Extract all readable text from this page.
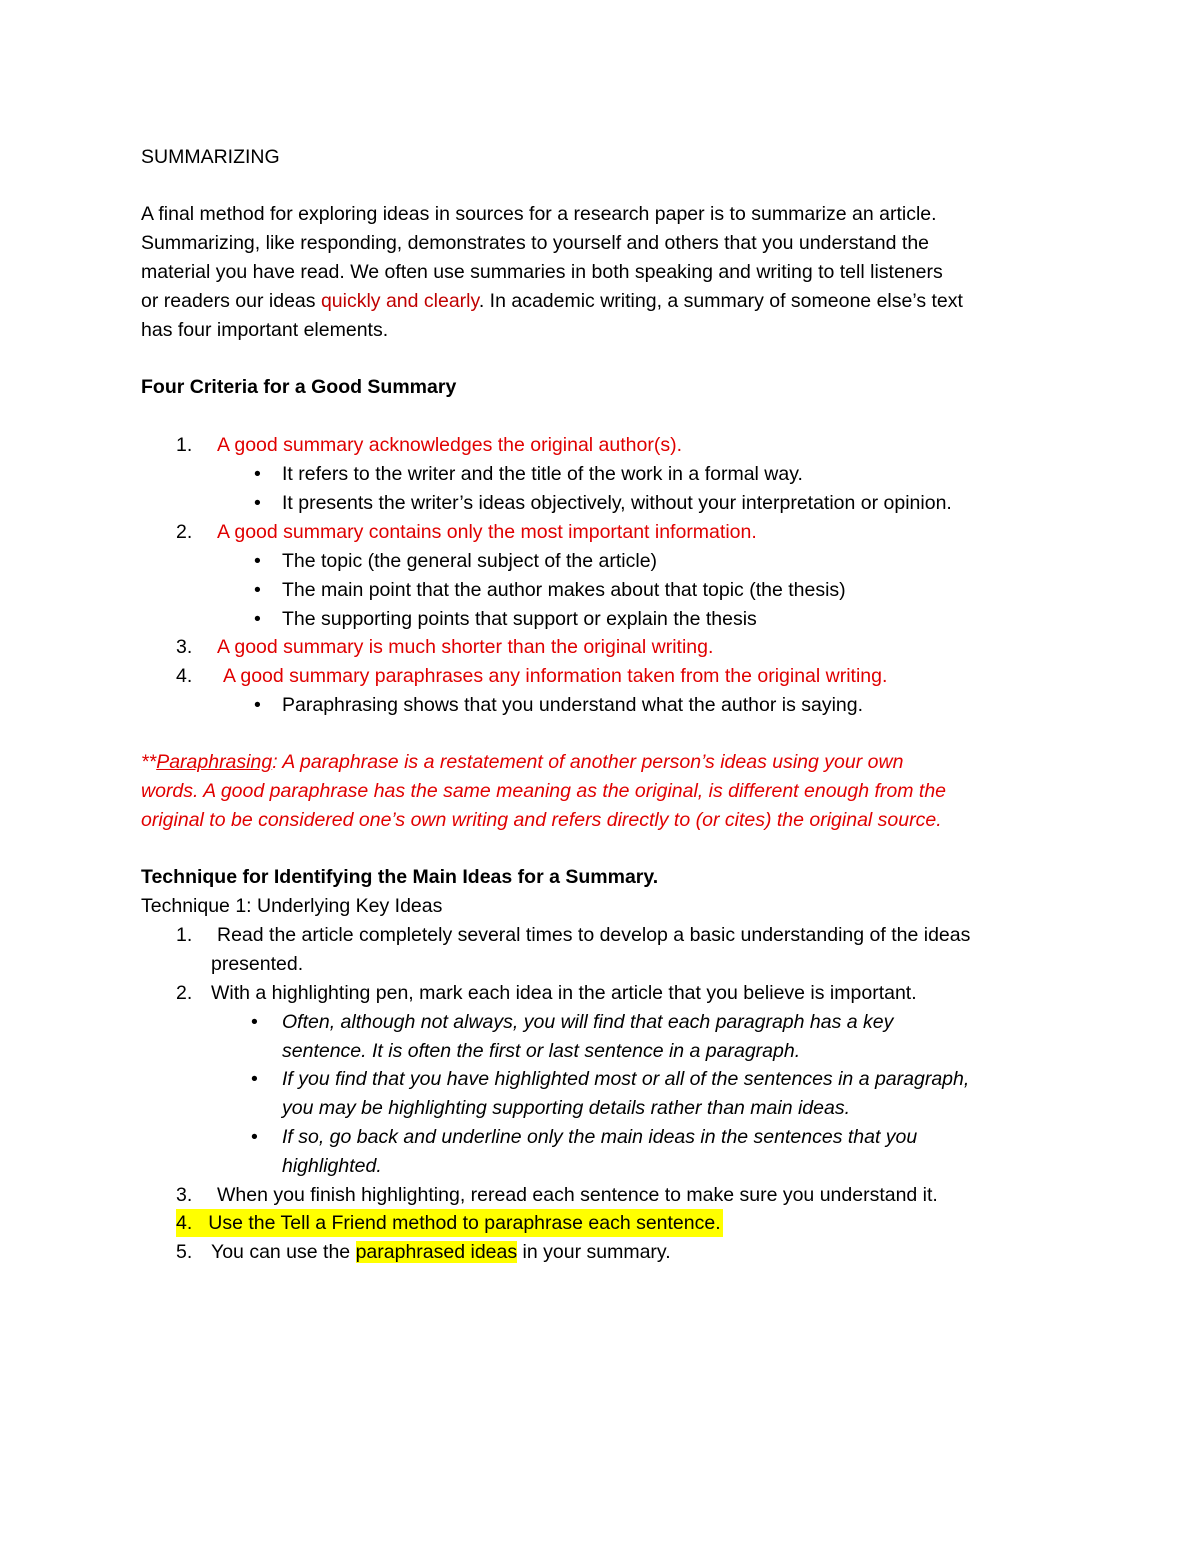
SUMMARIZING
A final method for exploring ideas in sources for a research paper is to summarize an article.
Summarizing, like responding, demonstrates to yourself and others that you understand the
material you have read. We often use summaries in both speaking and writing to tell listeners
or readers our ideas quickly and clearly. In academic writing, a summary of someone else’s text
has four important elements.
Four Criteria for a Good Summary
1. A good summary acknowledges the original author(s).
• It refers to the writer and the title of the work in a formal way.
• It presents the writer’s ideas objectively, without your interpretation or opinion.
2. A good summary contains only the most important information.
• The topic (the general subject of the article)
• The main point that the author makes about that topic (the thesis)
• The supporting points that support or explain the thesis
3. A good summary is much shorter than the original writing.
4. A good summary paraphrases any information taken from the original writing.
• Paraphrasing shows that you understand what the author is saying.
**Paraphrasing: A paraphrase is a restatement of another person’s ideas using your own
words. A good paraphrase has the same meaning as the original, is different enough from the
original to be considered one’s own writing and refers directly to (or cites) the original source.
Technique for Identifying the Main Ideas for a Summary.
Technique 1: Underlying Key Ideas
1. Read the article completely several times to develop a basic understanding of the ideas
presented.
2. With a highlighting pen, mark each idea in the article that you believe is important.
• Often, although not always, you will find that each paragraph has a key
sentence. It is often the first or last sentence in a paragraph.
• If you find that you have highlighted most or all of the sentences in a paragraph,
you may be highlighting supporting details rather than main ideas.
• If so, go back and underline only the main ideas in the sentences that you
highlighted.
3. When you finish highlighting, reread each sentence to make sure you understand it.
4. Use the Tell a Friend method to paraphrase each sentence.
5. You can use the paraphrased ideas in your summary.
